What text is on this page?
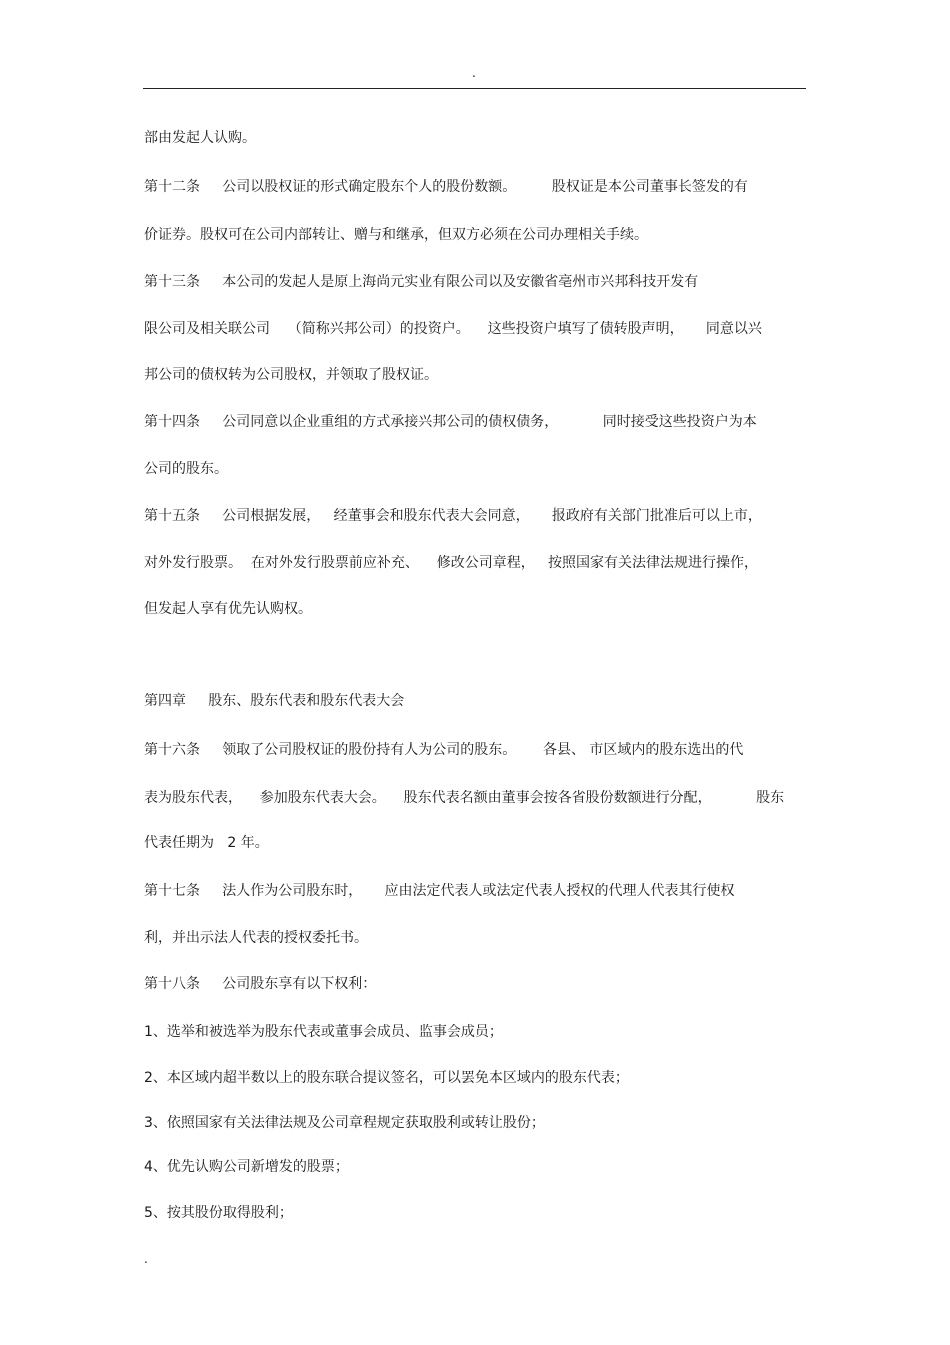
.
部由发起人认购。
第十二条     公司以股权证的形式确定股东个人的股份数额。        股权证是本公司董事长签发的有
价证券。股权可在公司内部转让、赠与和继承，但双方必须在公司办理相关手续。
第十三条     本公司的发起人是原上海尚元实业有限公司以及安徽省亳州市兴邦科技开发有
限公司及相关联公司    （简称兴邦公司）的投资户。    这些投资户填写了债转股声明，     同意以兴
邦公司的债权转为公司股权，并领取了股权证。
第十四条     公司同意以企业重组的方式承接兴邦公司的债权债务，          同时接受这些投资户为本
公司的股东。
第十五条     公司根据发展，   经董事会和股东代表大会同意，     报政府有关部门批准后可以上市，
对外发行股票。  在对外发行股票前应补充、    修改公司章程，   按照国家有关法律法规进行操作，
但发起人享有优先认购权。
第四章     股东、股东代表和股东代表大会
第十六条     领取了公司股权证的股份持有人为公司的股东。      各县、 市区域内的股东选出的代
表为股东代表，    参加股东代表大会。    股东代表名额由董事会按各省股份数额进行分配，          股东
代表任期为   2 年。
第十七条     法人作为公司股东时，     应由法定代表人或法定代表人授权的代理人代表其行使权
利，并出示法人代表的授权委托书。
第十八条     公司股东享有以下权利：
1、选举和被选举为股东代表或董事会成员、监事会成员；
2、本区域内超半数以上的股东联合提议签名，可以罢免本区域内的股东代表；
3、依照国家有关法律法规及公司章程规定获取股利或转让股份；
4、优先认购公司新增发的股票；
5、按其股份取得股利；
.
